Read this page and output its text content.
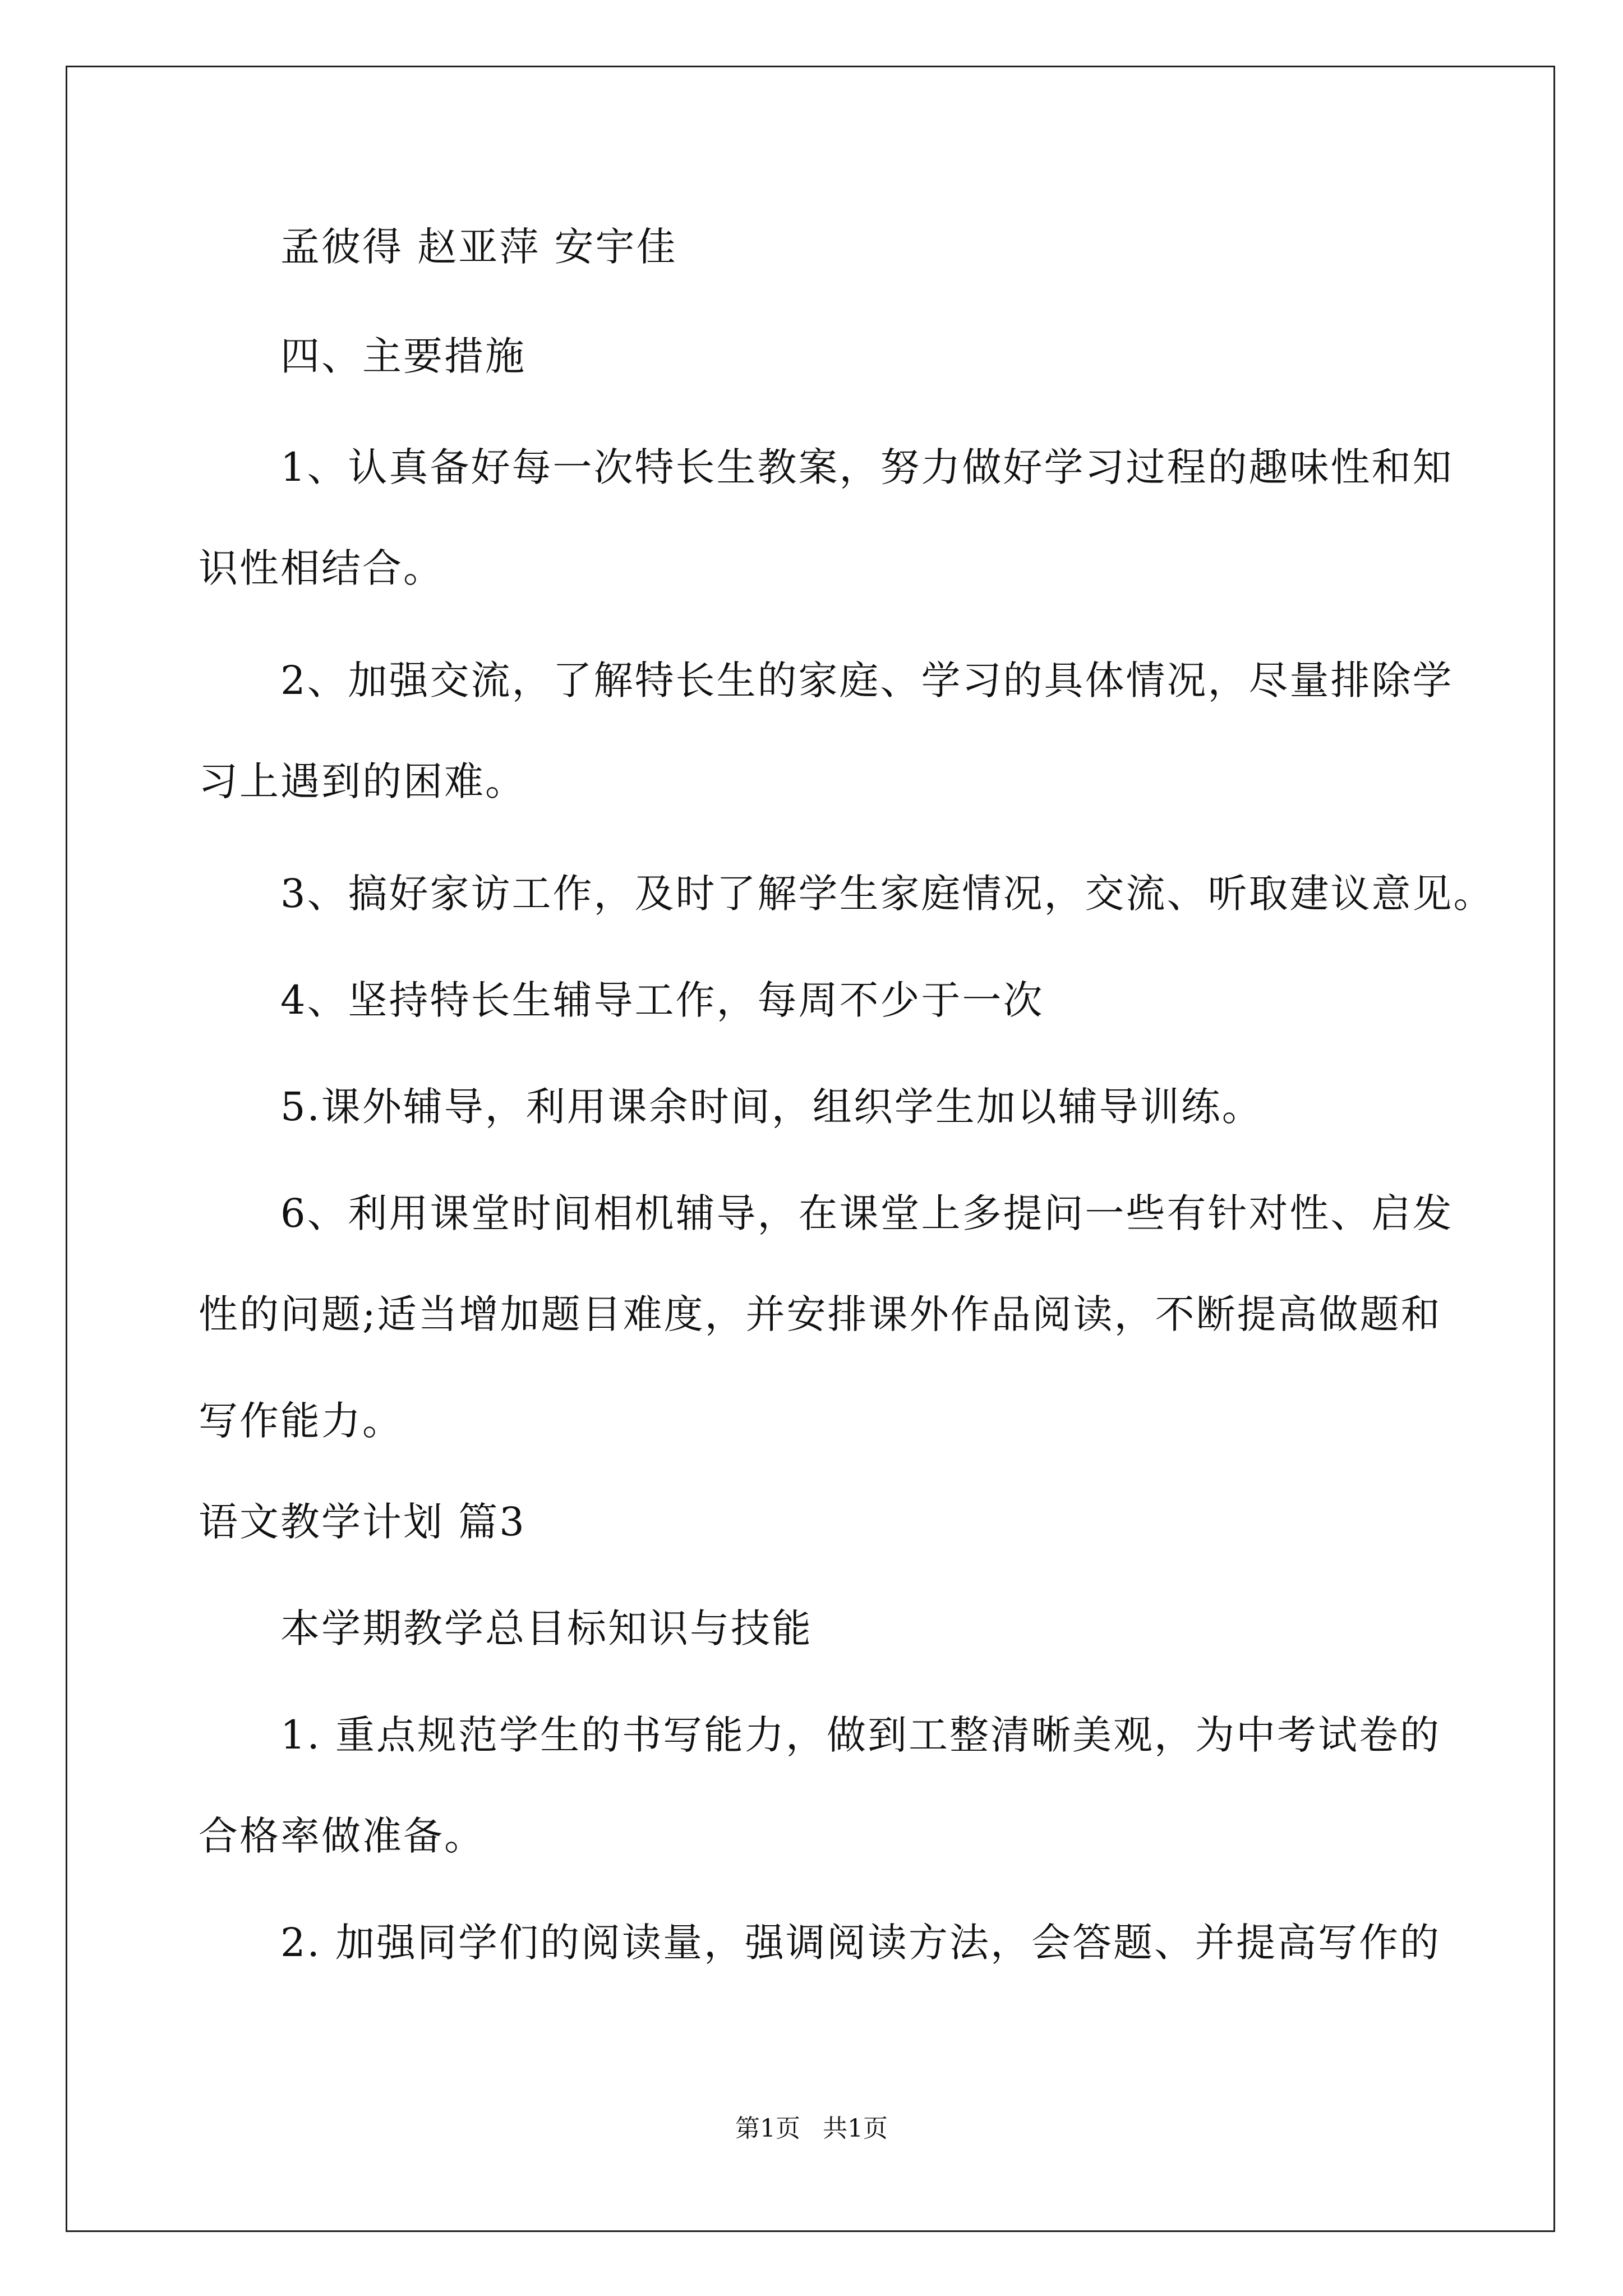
孟彼得 赵亚萍 安宇佳
四、主要措施
1、认真备好每一次特长生教案，努力做好学习过程的趣味性和知
识性相结合。
2、加强交流，了解特长生的家庭、学习的具体情况，尽量排除学
习上遇到的困难。
3、搞好家访工作，及时了解学生家庭情况，交流、听取建议意见。
4、坚持特长生辅导工作，每周不少于一次
5.课外辅导，利用课余时间，组织学生加以辅导训练。
6、利用课堂时间相机辅导，在课堂上多提问一些有针对性、启发
性的问题;适当增加题目难度，并安排课外作品阅读，不断提高做题和
写作能力。
语文教学计划 篇3
本学期教学总目标知识与技能
1. 重点规范学生的书写能力，做到工整清晰美观，为中考试卷的
合格率做准备。
2. 加强同学们的阅读量，强调阅读方法，会答题、并提高写作的
第1页 共1页
